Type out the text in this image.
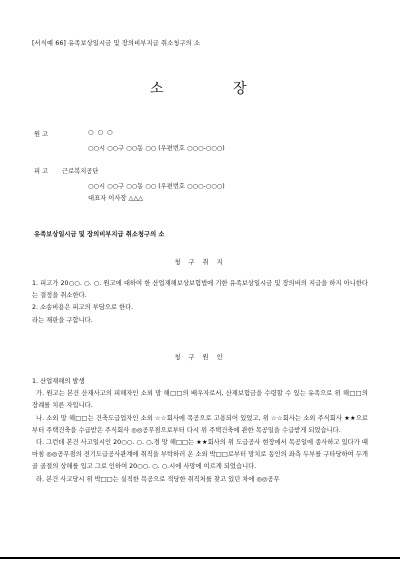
[서식예 66] 유족보상일시금 및 장의비부지급 취소청구의 소
소	장
원 고	○ ○ ○
○○시 ○○구 ○○동 ○○ (우편번호 ○○○-○○○)
피 고 근로복지공단
○○시 ○○구 ○○동 ○○ (우편번호 ○○○-○○○)
대표자 이사장 △△△
유족보상일시금 및 장의비부지급 취소청구의 소
청 구 취 지

1. 피고가 20○○. ○. ○. 원고에 대하여 한 산업재해보상보험법에 기한 유족보상일시금 및 장의비의 지급을 하지 아니한다는 결정을 취소한다.

2. 소송비용은 피고의 부담으로 한다.

라는 재판을 구합니다.

청 구 원 인

1. 산업재해의 발생

가. 원고는 본건 산재사고의 피해자인 소외 망 해□□의 배우자로서, 산재보험금을 수령할 수 있는 유족으로 위 해□□의 장례를 치른 자입니다.

나. 소외 망 해□□는 건축도급업자인 소외 ☆☆회사에 목공으로 고용되어 있었고, 위 ☆☆회사는 소외 주식회사 ★★으로부터 주택건축을 수급받은 주식회사 ◎◎공무점으로부터 다시 위 주택건축에 관한 목공일을 수급받게 되었습니다.

다. 그런데 본건 사고일시인 20○○. ○. ○.경 망 해□□는 ★★회사의 위 도급공사 현장에서 목공일에 종사하고 있다가 때마침 ◎◎공무점의 전기도급공사관계에 취직을 부탁하러 온 소외 박□□로부터 망치로 동인의 좌측 두부를 구타당하여 두개골 골절의 상해를 입고 그로 인하여 20○○. ○. ○.시에 사망에 이르게 되었습니다.

라. 본건 사고당시 위 박□□는 실직한 목공으로 적당한 취직처를 찾고 있던 차에 ◎◎공무
